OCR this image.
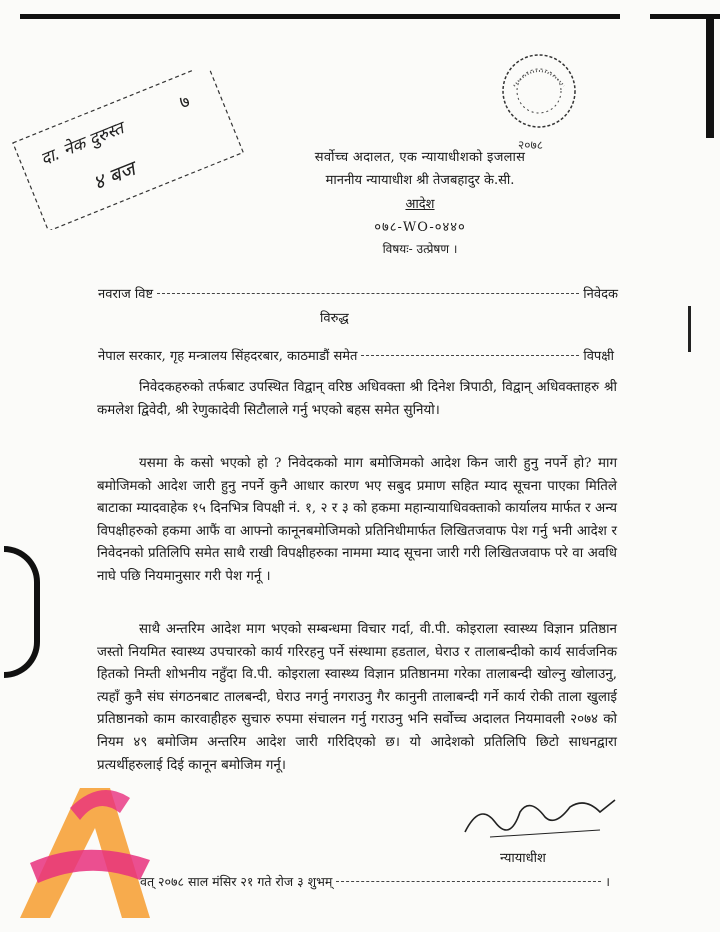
दा. नेक दुरुस्त
७
४ बज
२०७८
सर्वोच्च अदालत, एक न्यायाधीशको इजलास
माननीय न्यायाधीश श्री तेजबहादुर के.सी.
आदेश
०७८-WO-०४४०
विषयः- उत्प्रेषण ।
नवराज विष्ट	निवेदक
विरुद्ध
नेपाल सरकार, गृह मन्त्रालय सिंहदरबार, काठमाडौं समेत	विपक्षी
निवेदकहरुको तर्फबाट उपस्थित विद्वान् वरिष्ठ अधिवक्ता श्री दिनेश त्रिपाठी, विद्वान् अधिवक्ताहरु श्री कमलेश द्विवेदी, श्री रेणुकादेवी सिटौलाले गर्नु भएको बहस समेत सुनियो।
यसमा के कसो भएको हो ? निवेदकको माग बमोजिमको आदेश किन जारी हुनु नपर्ने हो? माग बमोजिमको आदेश जारी हुनु नपर्ने कुनै आधार कारण भए सबुद प्रमाण सहित म्याद सूचना पाएका मितिले बाटाका म्यादवाहेक १५ दिनभित्र विपक्षी नं. १, २ र ३ को हकमा महान्यायाधिवक्ताको कार्यालय मार्फत र अन्य विपक्षीहरुको हकमा आफैं वा आफ्नो कानूनबमोजिमको प्रतिनिधीमार्फत लिखितजवाफ पेश गर्नु भनी आदेश र निवेदनको प्रतिलिपि समेत साथै राखी विपक्षीहरुका नाममा म्याद सूचना जारी गरी लिखितजवाफ परे वा अवधि नाघे पछि नियमानुसार गरी पेश गर्नू ।
साथै अन्तरिम आदेश माग भएको सम्बन्धमा विचार गर्दा, वी.पी. कोइराला स्वास्थ्य विज्ञान प्रतिष्ठान जस्तो नियमित स्वास्थ्य उपचारको कार्य गरिरहनु पर्ने संस्थामा हडताल, घेराउ र तालाबन्दीको कार्य सार्वजनिक हितको निम्ती शोभनीय नहुँदा वि.पी. कोइराला स्वास्थ्य विज्ञान प्रतिष्ठानमा गरेका तालाबन्दी खोल्नु खोलाउनु, त्यहाँ कुनै संघ संगठनबाट तालबन्दी, घेराउ नगर्नु नगराउनु गैर कानुनी तालाबन्दी गर्ने कार्य रोकी ताला खुलाई प्रतिष्ठानको काम कारवाहीहरु सुचारु रुपमा संचालन गर्नु गराउनु भनि सर्वोच्च अदालत नियमावली २०७४ को नियम ४९ बमोजिम अन्तरिम आदेश जारी गरिदिएको छ। यो आदेशको प्रतिलिपि छिटो साधनद्वारा प्रत्यर्थीहरुलाई दिई कानून बमोजिम गर्नू।
न्यायाधीश
वत् २०७८ साल मंसिर २१ गते रोज ३ शुभम्	।
